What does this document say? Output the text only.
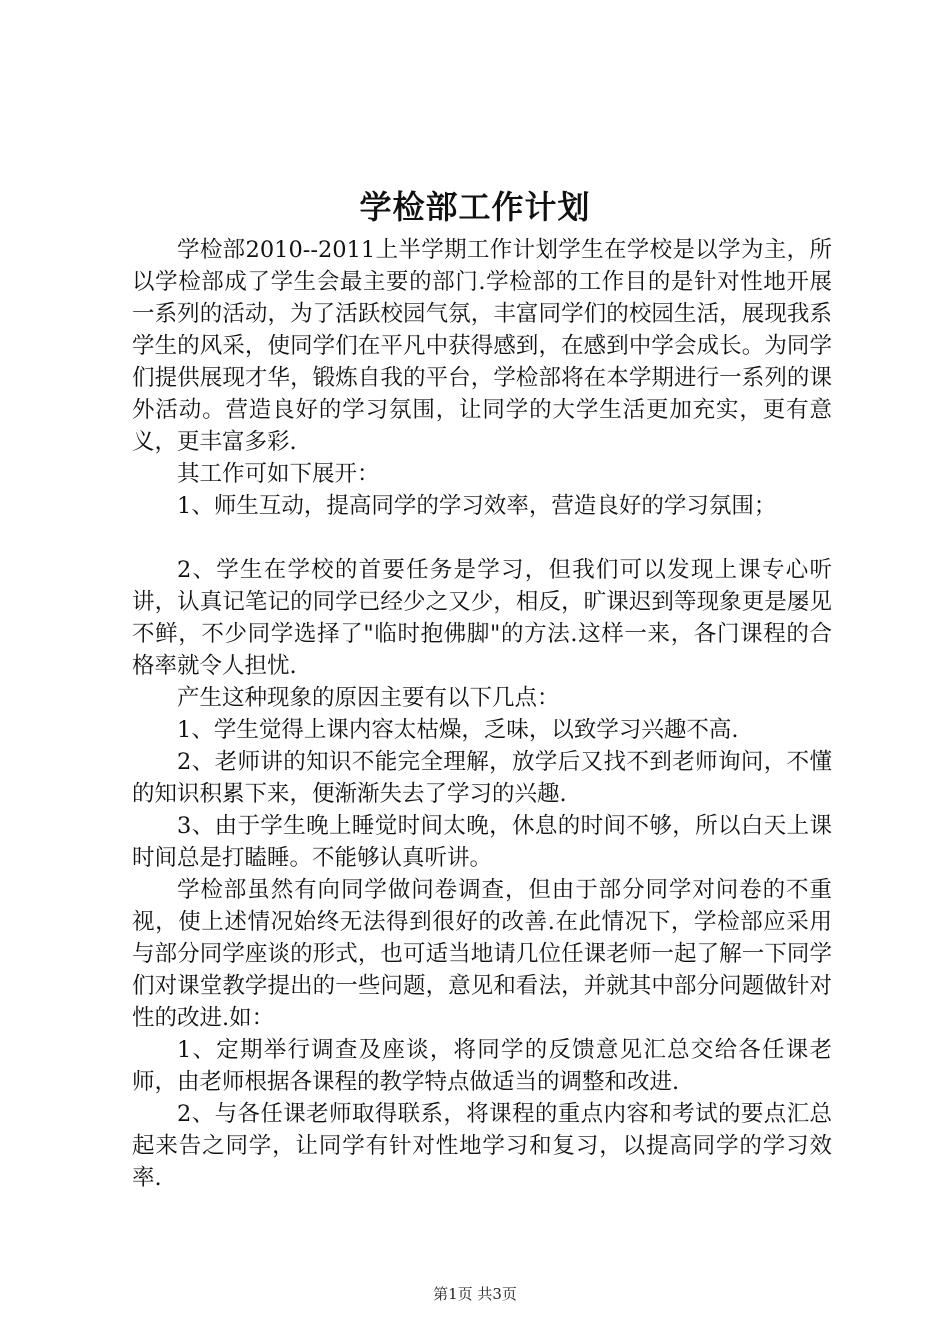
学检部工作计划

学检部2010--2011上半学期工作计划学生在学校是以学为主，所以学检部成了学生会最主要的部门.学检部的工作目的是针对性地开展一系列的活动，为了活跃校园气氛，丰富同学们的校园生活，展现我系学生的风采，使同学们在平凡中获得感到，在感到中学会成长。为同学们提供展现才华，锻炼自我的平台，学检部将在本学期进行一系列的课外活动。营造良好的学习氛围，让同学的大学生活更加充实，更有意义，更丰富多彩.

其工作可如下展开：

1、师生互动，提高同学的学习效率，营造良好的学习氛围；

2、学生在学校的首要任务是学习，但我们可以发现上课专心听讲，认真记笔记的同学已经少之又少，相反，旷课迟到等现象更是屡见不鲜，不少同学选择了"临时抱佛脚"的方法.这样一来，各门课程的合格率就令人担忧.

产生这种现象的原因主要有以下几点：

1、学生觉得上课内容太枯燥，乏味，以致学习兴趣不高.

2、老师讲的知识不能完全理解，放学后又找不到老师询问，不懂的知识积累下来，便渐渐失去了学习的兴趣.

3、由于学生晚上睡觉时间太晚，休息的时间不够，所以白天上课时间总是打瞌睡。不能够认真听讲。

学检部虽然有向同学做问卷调查，但由于部分同学对问卷的不重视，使上述情况始终无法得到很好的改善.在此情况下，学检部应采用与部分同学座谈的形式，也可适当地请几位任课老师一起了解一下同学们对课堂教学提出的一些问题，意见和看法，并就其中部分问题做针对性的改进.如：

1、定期举行调查及座谈，将同学的反馈意见汇总交给各任课老师，由老师根据各课程的教学特点做适当的调整和改进.

2、与各任课老师取得联系，将课程的重点内容和考试的要点汇总起来告之同学，让同学有针对性地学习和复习，以提高同学的学习效率.

第1页 共3页
